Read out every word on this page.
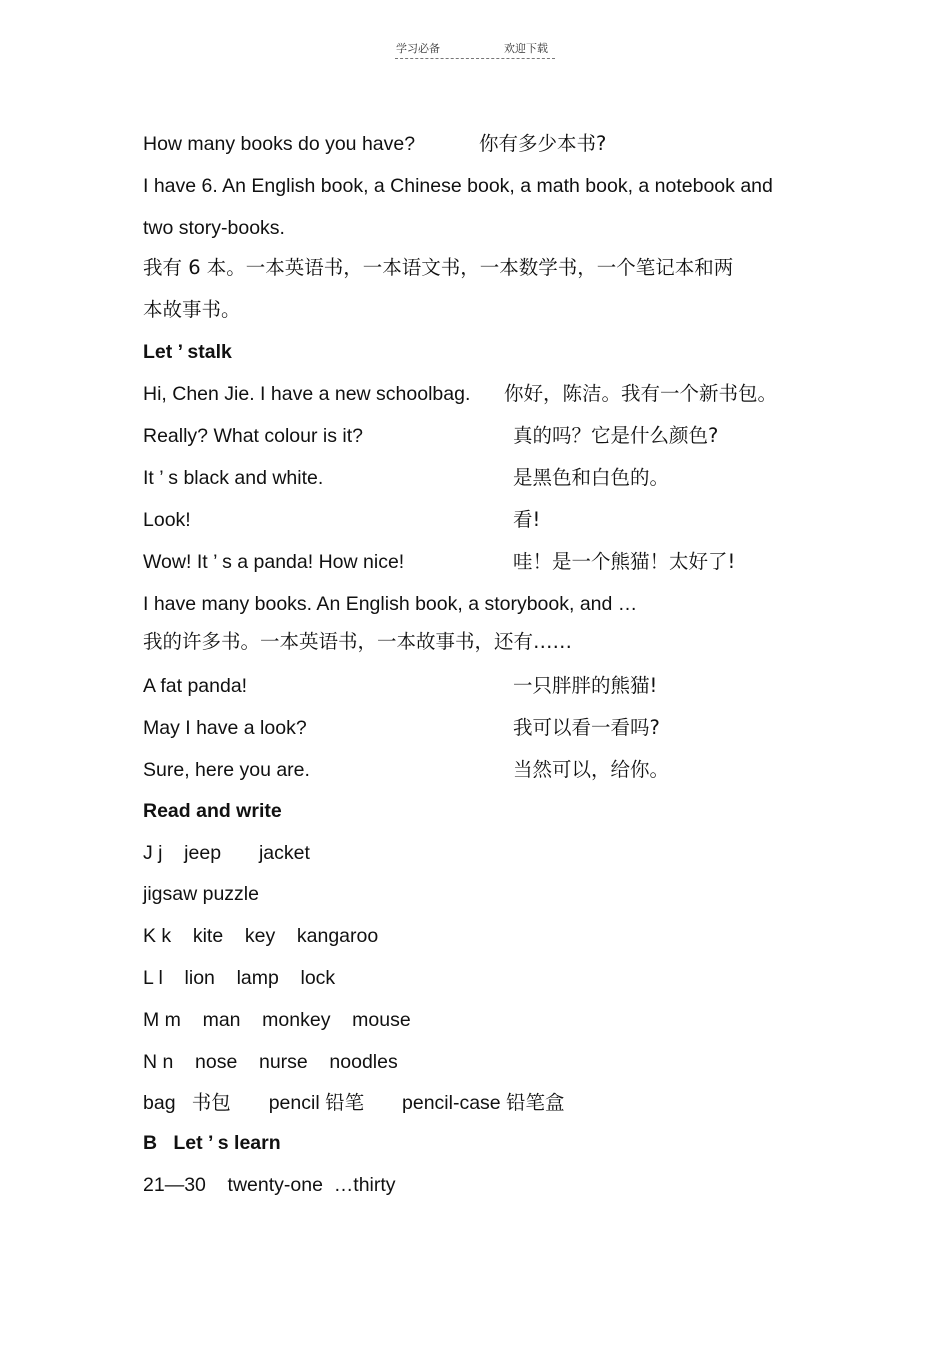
学习必备	欢迎下载
How many books do you have?	你有多少本书?
I have 6. An English book, a Chinese book, a math book, a notebook and
two story-books.
我有 6 本。一本英语书，一本语文书，一本数学书，一个笔记本和两
本故事书。
Let ’ stalk
Hi, Chen Jie. I have a new schoolbag. 你好，陈洁。我有一个新书包。
Really? What colour is it?	真的吗？它是什么颜色?
It ’ s black and white.	是黑色和白色的。
Look!	看!
Wow! It ’ s a panda! How nice!	哇！是一个熊猫！太好了!
I have many books. An English book, a storybook, and …
我的许多书。一本英语书，一本故事书，还有……
A fat panda!	一只胖胖的熊猫!
May I have a look?	我可以看一看吗?
Sure, here you are.	当然可以，给你。
Read and write
J j    jeep       jacket
jigsaw puzzle
K k    kite    key    kangaroo
L l    lion    lamp    lock
M m    man    monkey    mouse
N n    nose    nurse    noodles
bag   书包       pencil 铅笔       pencil-case 铅笔盒
B   Let ’ s learn
21—30    twenty-one  …thirty
